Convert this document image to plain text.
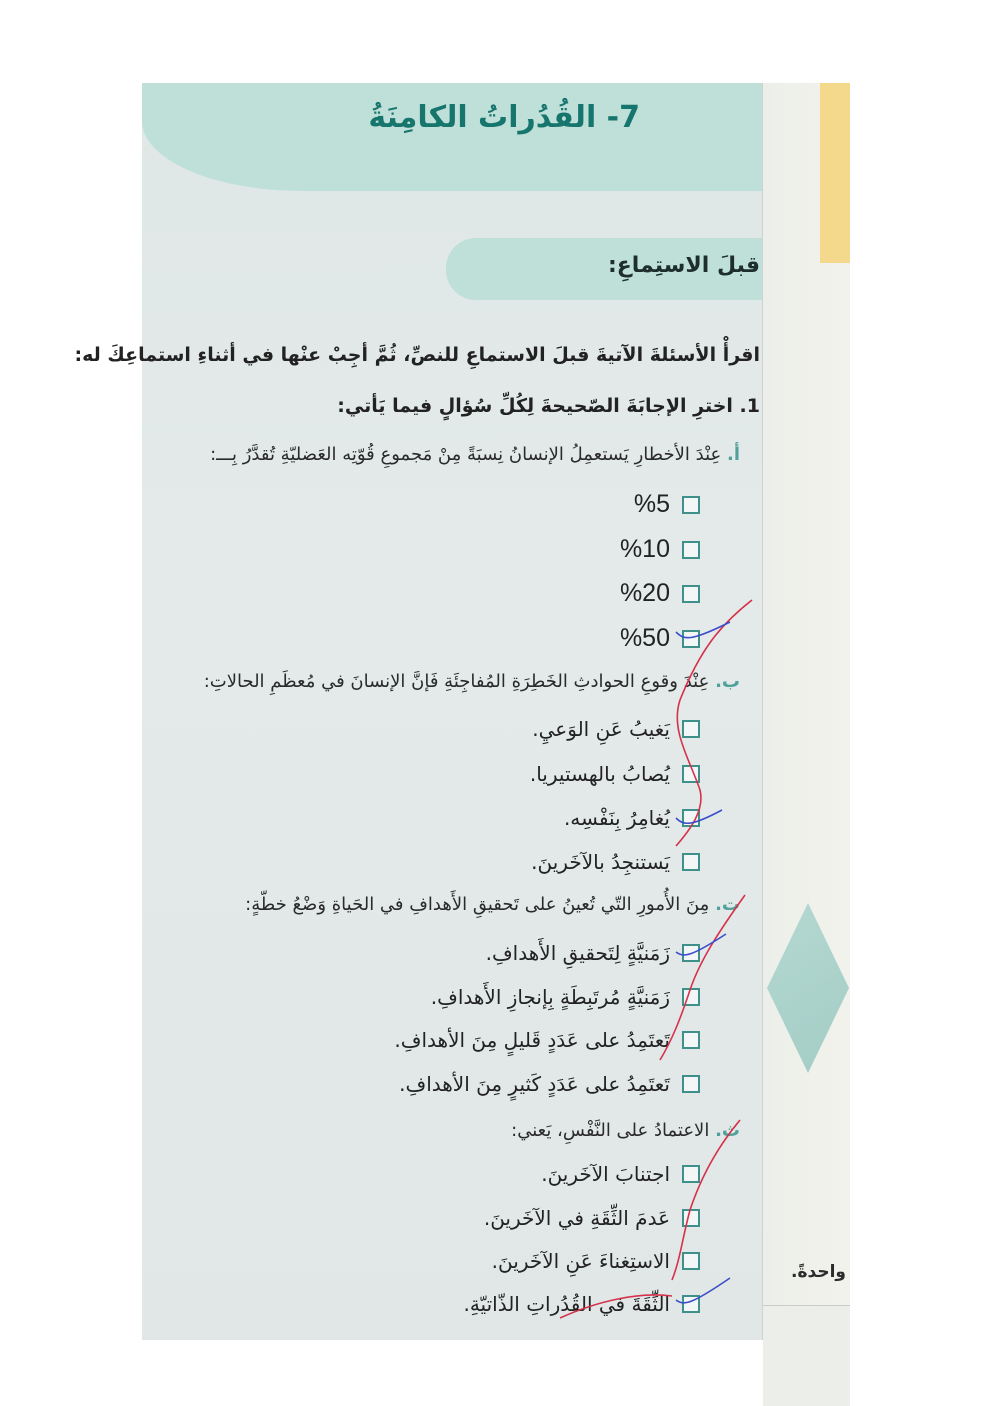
واحدةً.
7- القُدُراتُ الكامِنَةُ
قبلَ الاستِماعِ:
اقرأْ الأسئلةَ الآتيةَ قبلَ الاستماعِ للنصِّ، ثُمَّ أجِبْ عنْها في أثناءِ استماعِكَ له:
1. اخترِ الإجابَةَ الصّحيحةَ لِكُلِّ سُؤالٍ فيما يَأتي:
أ. عِنْدَ الأخطارِ يَستعمِلُ الإنسانُ نِسبَةً مِنْ مَجموعِ قُوّتِه العَضليّةِ تُقدَّرُ بِـــ:
%5
%10
%20
%50
ب. عِنْدَ وقوعِ الحوادثِ الخَطِرَةِ المُفاجِئَةِ فَإنَّ الإنسانَ في مُعظَمِ الحالاتِ:
يَغيبُ عَنِ الوَعيِ.
يُصابُ بالهستيريا.
يُغامِرُ بِنَفْسِه.
يَستنجِدُ بالآخَرينَ.
ت. مِنَ الأُمورِ التّي تُعينُ على تَحقيقِ الأَهدافِ في الحَياةِ وَضْعُ خطّةٍ:
زَمَنيَّةٍ لِتَحقيقِ الأَهدافِ.
زَمَنيَّةٍ مُرتَبِطَةٍ بِإنجازِ الأَهدافِ.
تَعتَمِدُ على عَدَدٍ قَليلٍ مِنَ الأهدافِ.
تَعتَمِدُ على عَدَدٍ كَثيرٍ مِنَ الأهدافِ.
ث. الاعتمادُ على النَّفْسِ، يَعني:
اجتنابَ الآخَرينَ.
عَدمَ الثِّقَةِ في الآخَرينَ.
الاستِغناءَ عَنِ الآخَرينَ.
الثِّقَةَ في القُدُراتِ الذّاتيّةِ.
